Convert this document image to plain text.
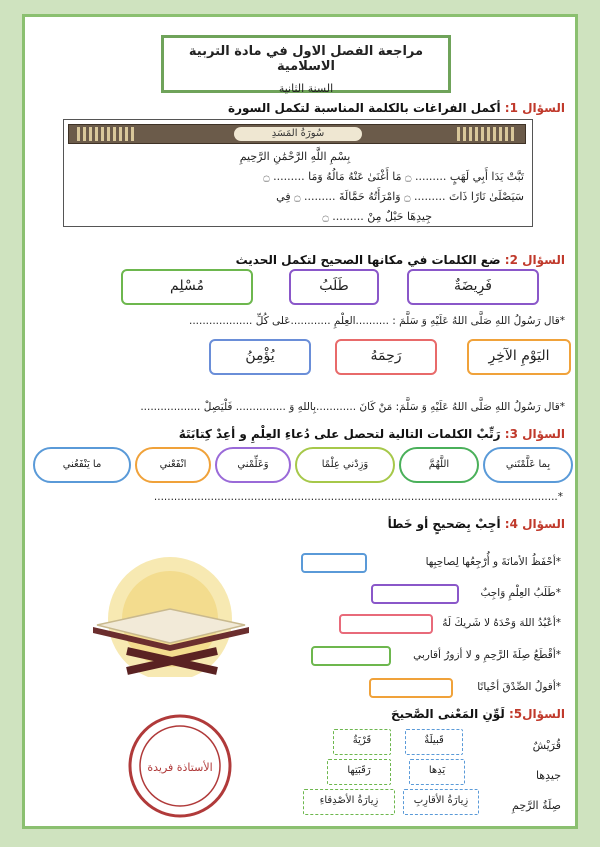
مراجعة الفصل الاول في مادة التربية الاسلامية
السنة الثانية
السؤال 1: أكمل الفراغات بالكلمة المناسبة لتكمل السورة
سُورَةُ المَسَدِ
بِسْمِ اللَّهِ الرَّحْمَٰنِ الرَّحِيمِ
تَبَّتْ يَدَا أَبِي لَهَبٍ ......... ۝ مَا أَغْنَىٰ عَنْهُ مَالُهُ وَمَا ......... ۝
سَيَصْلَىٰ نَارًا ذَاتَ ......... ۝ وَامْرَأَتُهُ حَمَّالَةَ ......... ۝ فِي
جِيدِهَا حَبْلٌ مِنْ ......... ۝
السؤال 2: ضع الكلمات في مكانها الصحيح لتكمل الحديث
فَرِيضَةٌ
طَلَبُ
مُسْلِم
*قال رَسُولُ اللهِ صَلَّى اللهُ عَلَيْهِ وَ سَلَّمَ : ..........العِلْمِ ............عَلى كُلِّ ...................
اليَوْمِ الآخِرِ
رَحِمَهُ
يُؤْمِنُ
*قال رَسُولُ اللهِ صَلَّى اللهُ عَلَيْهِ وَ سَلَّمَ: مَنْ كَانَ ............بِاللهِ وَ ............... فَلْيَصِلْ ..................
السؤال 3: رَتِّبْ الكلمات التالية لتحصل على دُعاءِ العِلْمِ و أعِدْ كِتابَتَهُ
بِما عَلَّمْتَني
اللَّهُمَّ
وَزِدْني عِلْمًا
وَعَلِّمْني
انْفَعْني
ما يَنْفَعُني
*.........................................................................................................................
السؤال 4: أجِبْ بِصَحيحٍ أو خَطأ
*أحْفَظُ الأمانَةَ و أُرْجِعُها لِصاحِبِها
*طَلَبُ العِلْمِ وَاجِبٌ
*أعْبُدُ اللهَ وَحْدَهُ لا شَريكَ لَهُ
*أقْطَعُ صِلَةَ الرَّحِمِ و لا أزورُ أقاربي
*أقولُ الصِّدْقَ أحْيانًا
السؤال5: لَوِّنِ المَعْنى الصَّحيحَ
قُرَيْشٌ
قَبيلَةٌ
قَرْيَةٌ
جيدِها
يَدِها
رَقَبَتِها
صِلَةُ الرَّحِمِ
زِيارَةُ الأقارِبِ
زِيارَةُ الأصْدِقاءِ
الأستاذة فريدة
